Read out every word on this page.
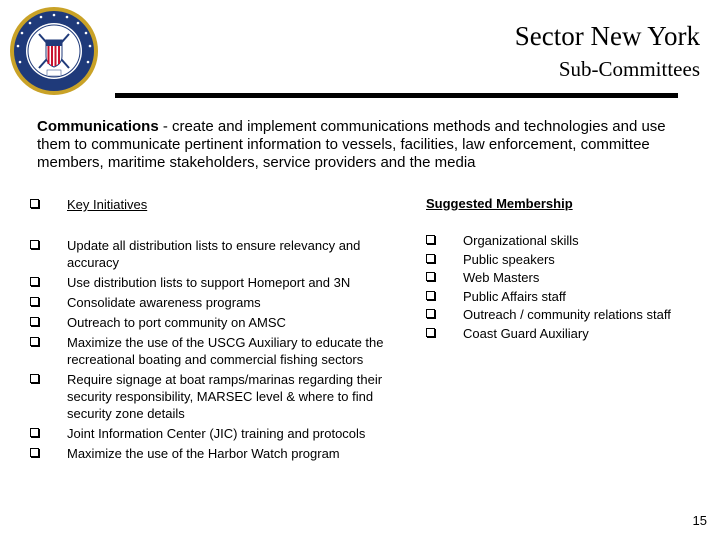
Sector New York
Sub-Committees
Communications - create and implement communications methods and technologies and use them to communicate pertinent information to vessels, facilities, law enforcement, committee members, maritime stakeholders, service providers and the media
Key Initiatives
Update all distribution lists to ensure relevancy and accuracy
Use distribution lists to support Homeport and 3N
Consolidate awareness programs
Outreach to port community on AMSC
Maximize the use of the USCG Auxiliary to educate the recreational boating and commercial fishing sectors
Require signage at boat ramps/marinas regarding their security responsibility, MARSEC level & where to find security zone details
Joint Information Center (JIC) training and protocols
Maximize the use of the Harbor Watch program
Suggested Membership
Organizational skills
Public speakers
Web Masters
Public Affairs staff
Outreach / community relations staff
Coast Guard Auxiliary
15
